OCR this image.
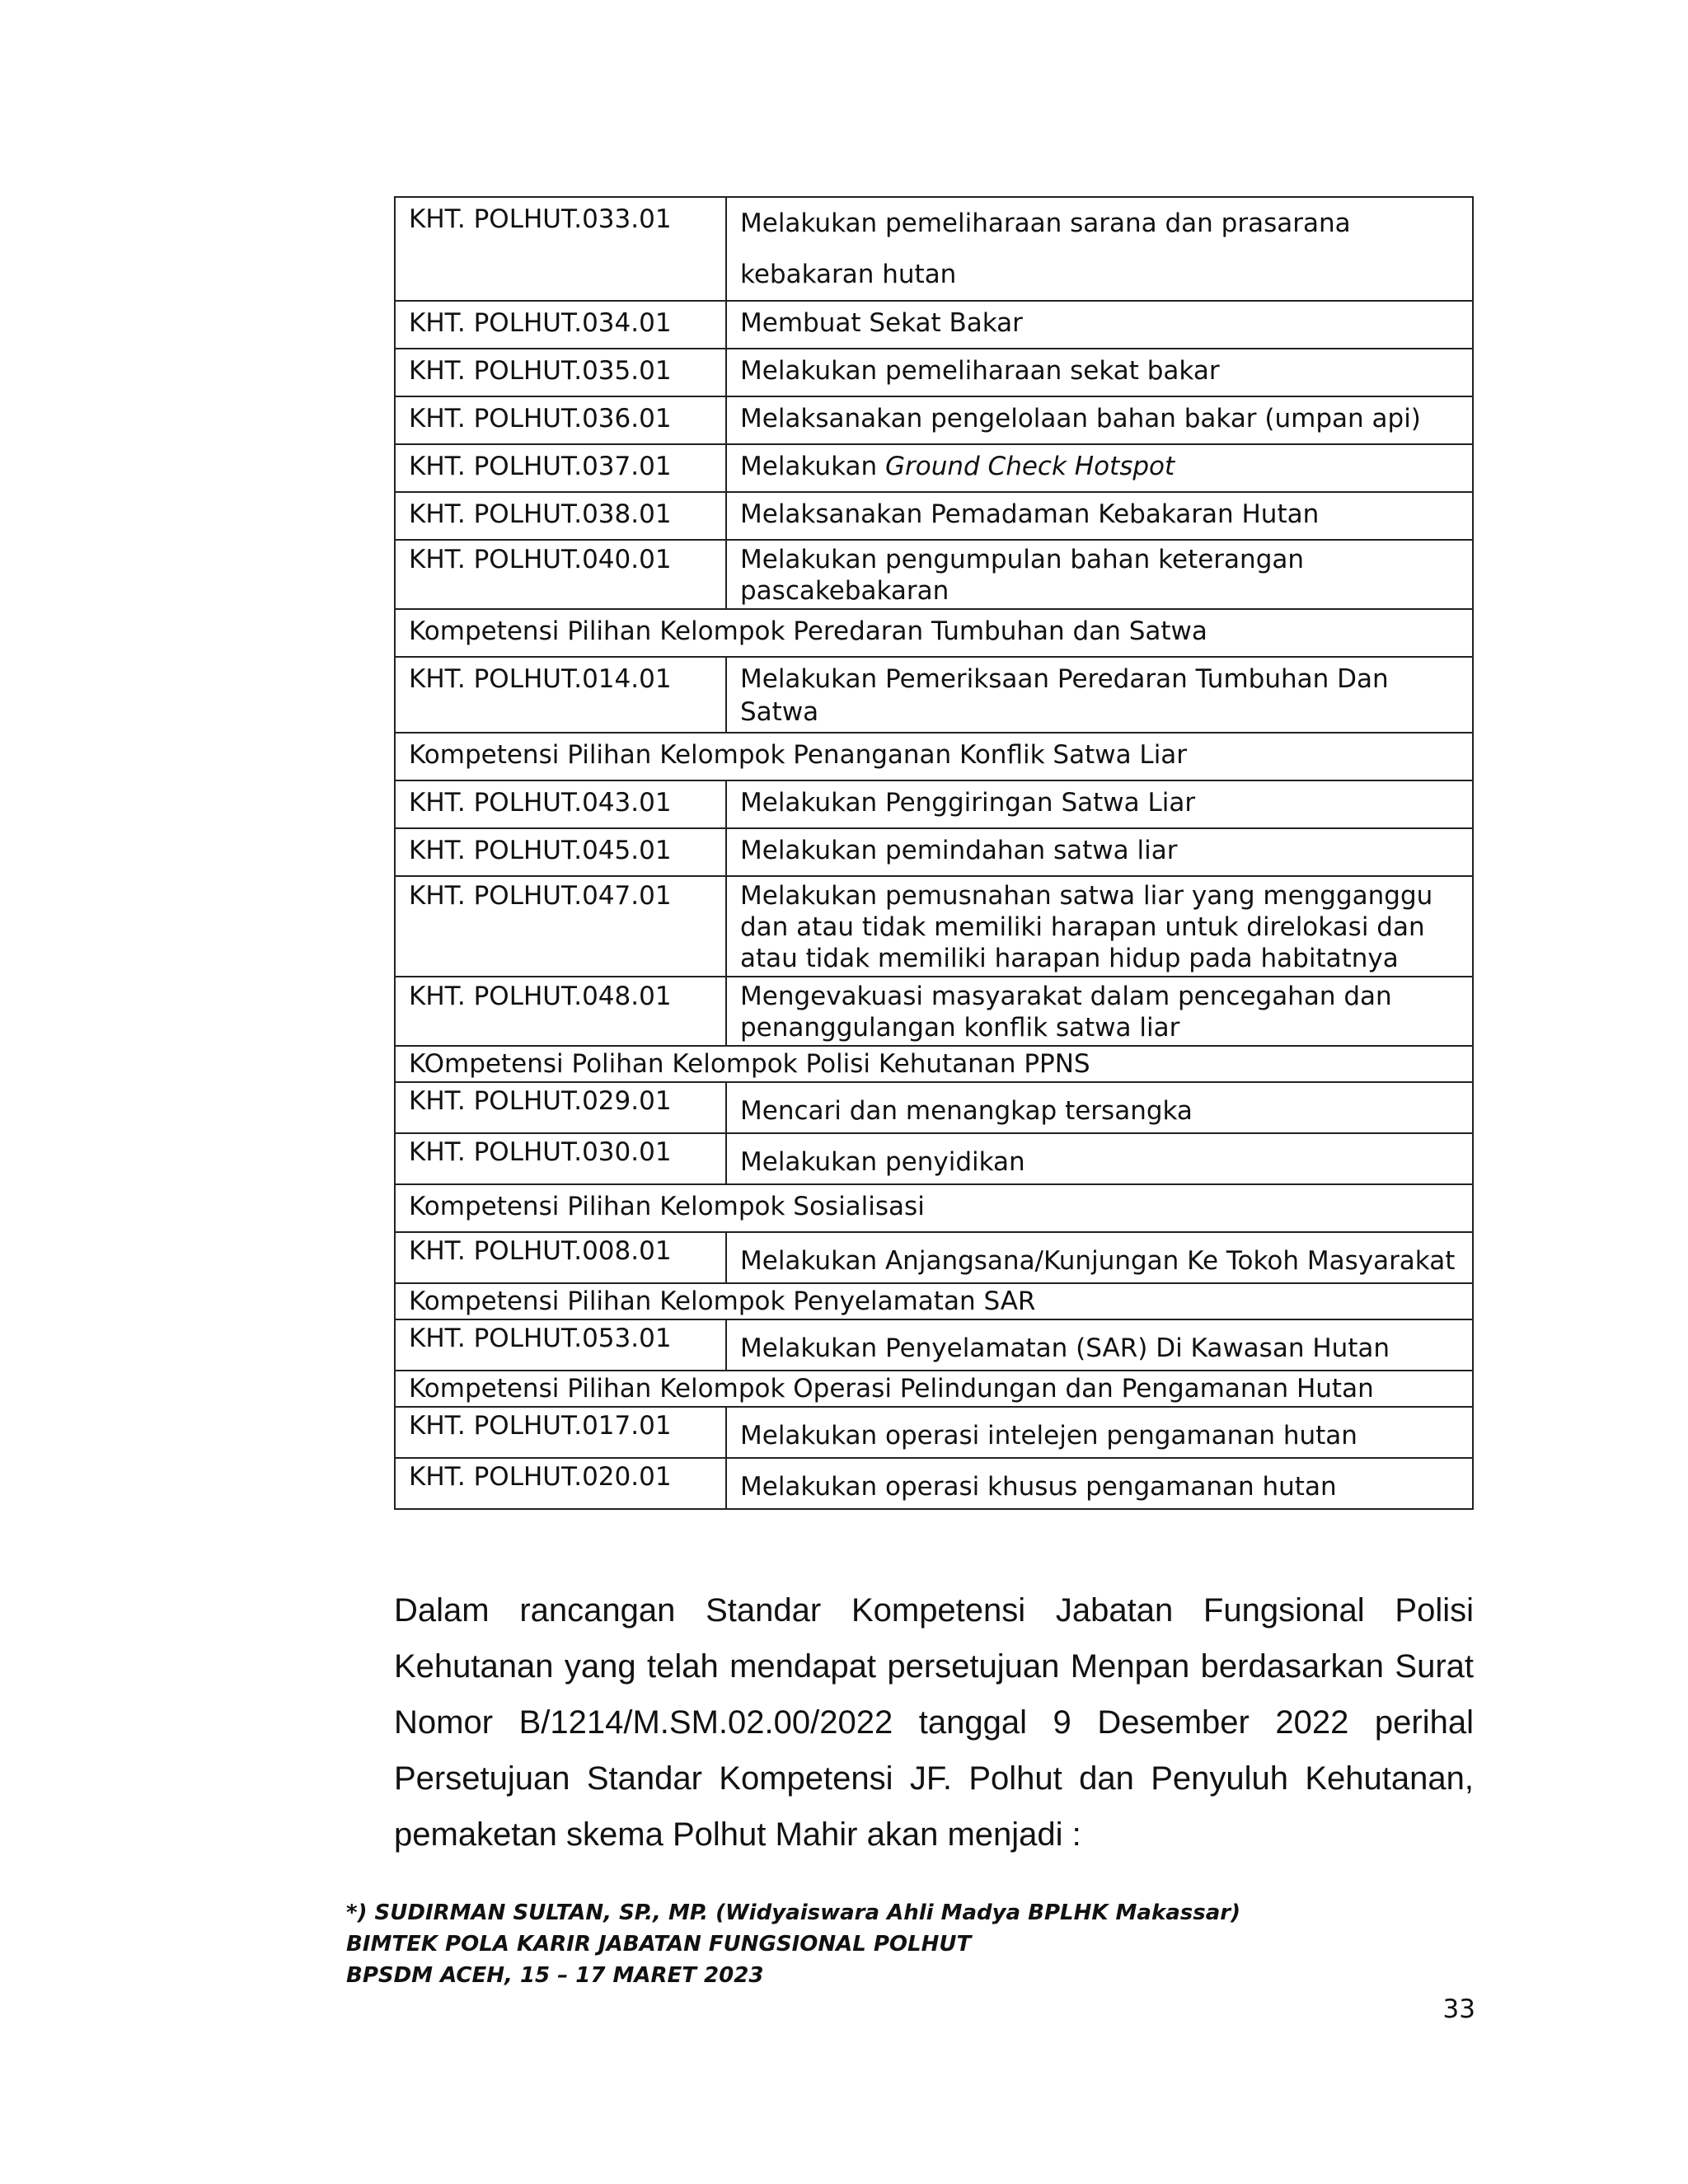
KHT. POLHUT.033.01	Melakukan pemeliharaan sarana dan prasarana kebakaran hutan
KHT. POLHUT.034.01	Membuat Sekat Bakar
KHT. POLHUT.035.01	Melakukan pemeliharaan sekat bakar
KHT. POLHUT.036.01	Melaksanakan pengelolaan bahan bakar (umpan api)
KHT. POLHUT.037.01	Melakukan Ground Check Hotspot
KHT. POLHUT.038.01	Melaksanakan Pemadaman Kebakaran Hutan
KHT. POLHUT.040.01	Melakukan pengumpulan bahan keterangan pascakebakaran
Kompetensi Pilihan Kelompok Peredaran Tumbuhan dan Satwa	
KHT. POLHUT.014.01	Melakukan Pemeriksaan Peredaran Tumbuhan Dan Satwa
Kompetensi Pilihan Kelompok Penanganan Konflik Satwa Liar	
KHT. POLHUT.043.01	Melakukan Penggiringan Satwa Liar
KHT. POLHUT.045.01	Melakukan pemindahan satwa liar
KHT. POLHUT.047.01	Melakukan pemusnahan satwa liar yang mengganggu dan atau tidak memiliki harapan untuk direlokasi dan atau tidak memiliki harapan hidup pada habitatnya
KHT. POLHUT.048.01	Mengevakuasi masyarakat dalam pencegahan dan penanggulangan konflik satwa liar
KOmpetensi Polihan Kelompok Polisi Kehutanan PPNS	
KHT. POLHUT.029.01	Mencari dan menangkap tersangka
KHT. POLHUT.030.01	Melakukan penyidikan
Kompetensi Pilihan Kelompok Sosialisasi	
KHT. POLHUT.008.01	Melakukan Anjangsana/Kunjungan Ke Tokoh Masyarakat
Kompetensi Pilihan Kelompok Penyelamatan SAR	
KHT. POLHUT.053.01	Melakukan Penyelamatan (SAR) Di Kawasan Hutan
Kompetensi Pilihan Kelompok Operasi Pelindungan dan Pengamanan Hutan	
KHT. POLHUT.017.01	Melakukan operasi intelejen pengamanan hutan
KHT. POLHUT.020.01	Melakukan operasi khusus pengamanan hutan

Dalam rancangan Standar Kompetensi Jabatan Fungsional Polisi Kehutanan yang telah mendapat persetujuan Menpan berdasarkan Surat Nomor B/1214/M.SM.02.00/2022 tanggal 9 Desember 2022 perihal Persetujuan Standar Kompetensi JF. Polhut dan Penyuluh Kehutanan, pemaketan skema Polhut Mahir akan menjadi :

*) SUDIRMAN SULTAN, SP., MP. (Widyaiswara Ahli Madya BPLHK Makassar)
BIMTEK POLA KARIR JABATAN FUNGSIONAL POLHUT
BPSDM ACEH, 15 – 17 MARET 2023
33
